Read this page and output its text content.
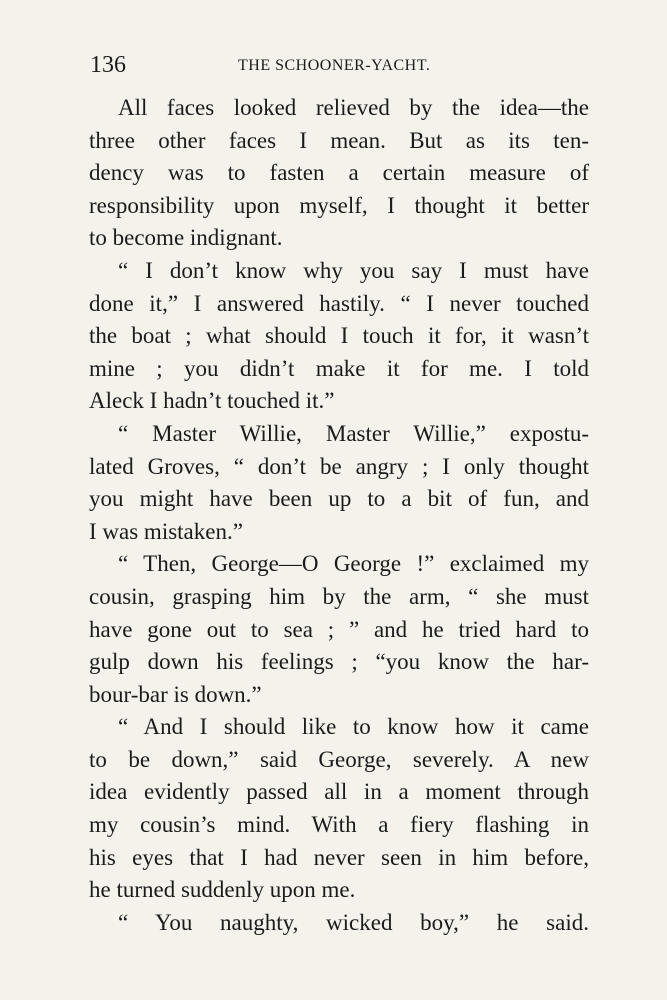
136	THE SCHOONER-YACHT.
All faces looked relieved by the idea—the
three other faces I mean. But as its ten-
dency was to fasten a certain measure of
responsibility upon myself, I thought it better
to become indignant.
“ I don’t know why you say I must have
done it,” I answered hastily. “ I never touched
the boat ; what should I touch it for, it wasn’t
mine ; you didn’t make it for me. I told
Aleck I hadn’t touched it.”
“ Master Willie, Master Willie,” expostu-
lated Groves, “ don’t be angry ; I only thought
you might have been up to a bit of fun, and
I was mistaken.”
“ Then, George—O George !” exclaimed my
cousin, grasping him by the arm, “ she must
have gone out to sea ; ” and he tried hard to
gulp down his feelings ; “you know the har-
bour-bar is down.”
“ And I should like to know how it came
to be down,” said George, severely. A new
idea evidently passed all in a moment through
my cousin’s mind. With a fiery flashing in
his eyes that I had never seen in him before,
he turned suddenly upon me.
“ You naughty, wicked boy,” he said.
